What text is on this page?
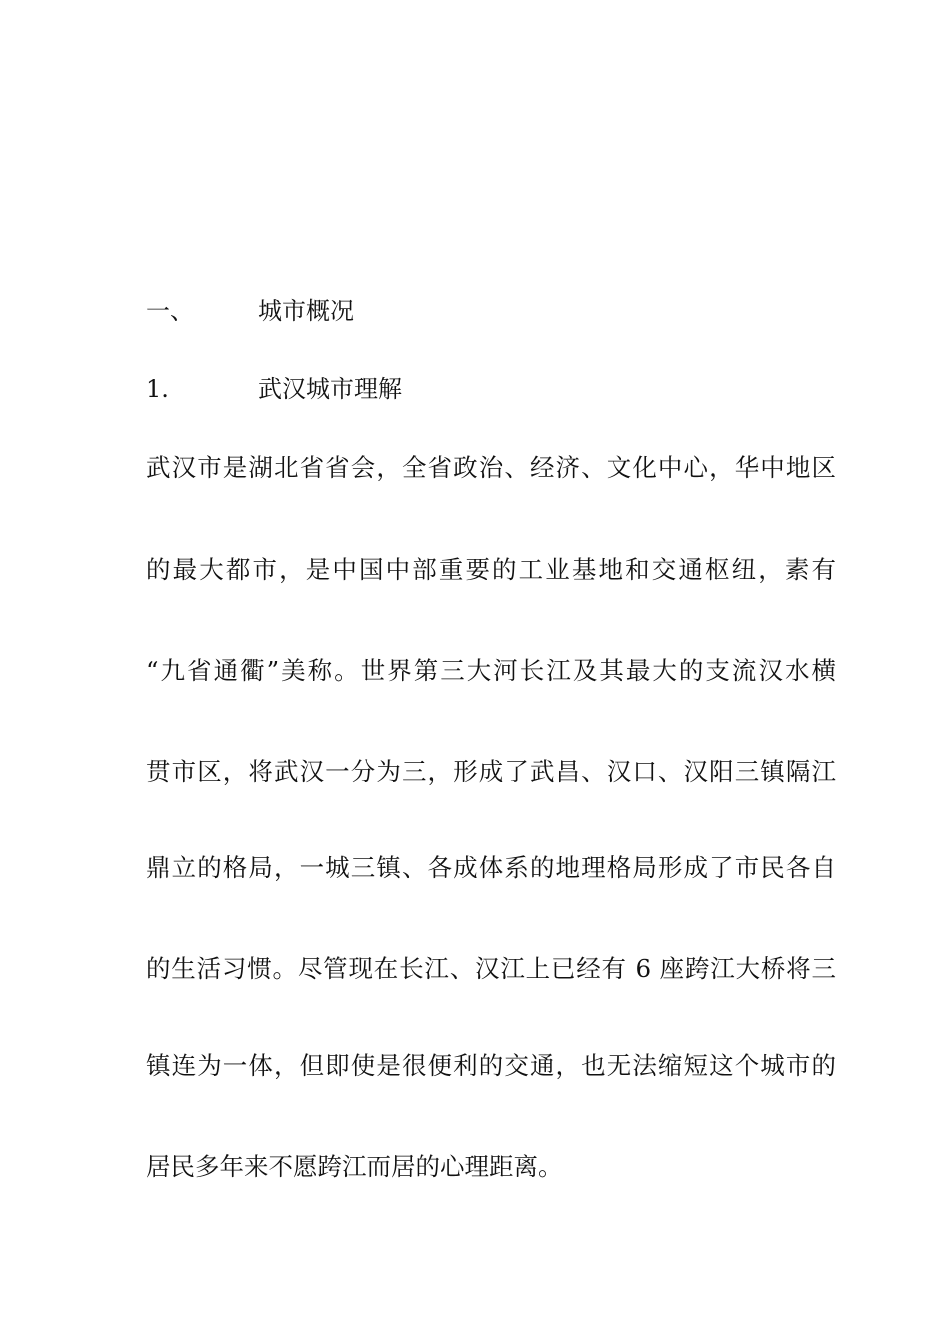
一、	城市概况
1.	武汉城市理解
武汉市是湖北省省会，全省政治、经济、文化中心，华中地区
的最大都市，是中国中部重要的工业基地和交通枢纽，素有
“九省通衢”美称。世界第三大河长江及其最大的支流汉水横
贯市区，将武汉一分为三，形成了武昌、汉口、汉阳三镇隔江
鼎立的格局，一城三镇、各成体系的地理格局形成了市民各自
的生活习惯。尽管现在长江、汉江上已经有 6 座跨江大桥将三
镇连为一体，但即使是很便利的交通，也无法缩短这个城市的
居民多年来不愿跨江而居的心理距离。
